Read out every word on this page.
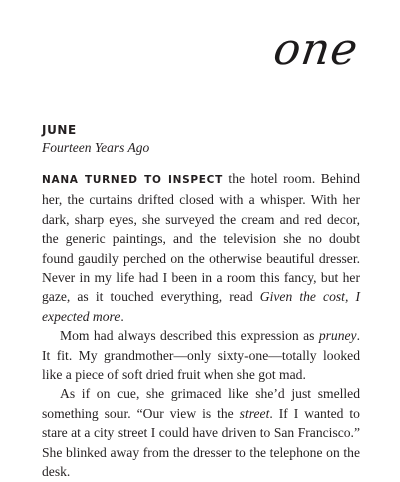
one
JUNE
Fourteen Years Ago

NANA TURNED TO INSPECT the hotel room. Behind her, the curtains drifted closed with a whisper. With her dark, sharp eyes, she surveyed the cream and red decor, the generic paintings, and the television she no doubt found gaudily perched on the otherwise beautiful dresser. Never in my life had I been in a room this fancy, but her gaze, as it touched everything, read Given the cost, I expected more.

Mom had always described this expression as pruney. It fit. My grandmother—only sixty-one—totally looked like a piece of soft dried fruit when she got mad.

As if on cue, she grimaced like she’d just smelled something sour. “Our view is the street. If I wanted to stare at a city street I could have driven to San Francisco.” She blinked away from the dresser to the telephone on the desk.
